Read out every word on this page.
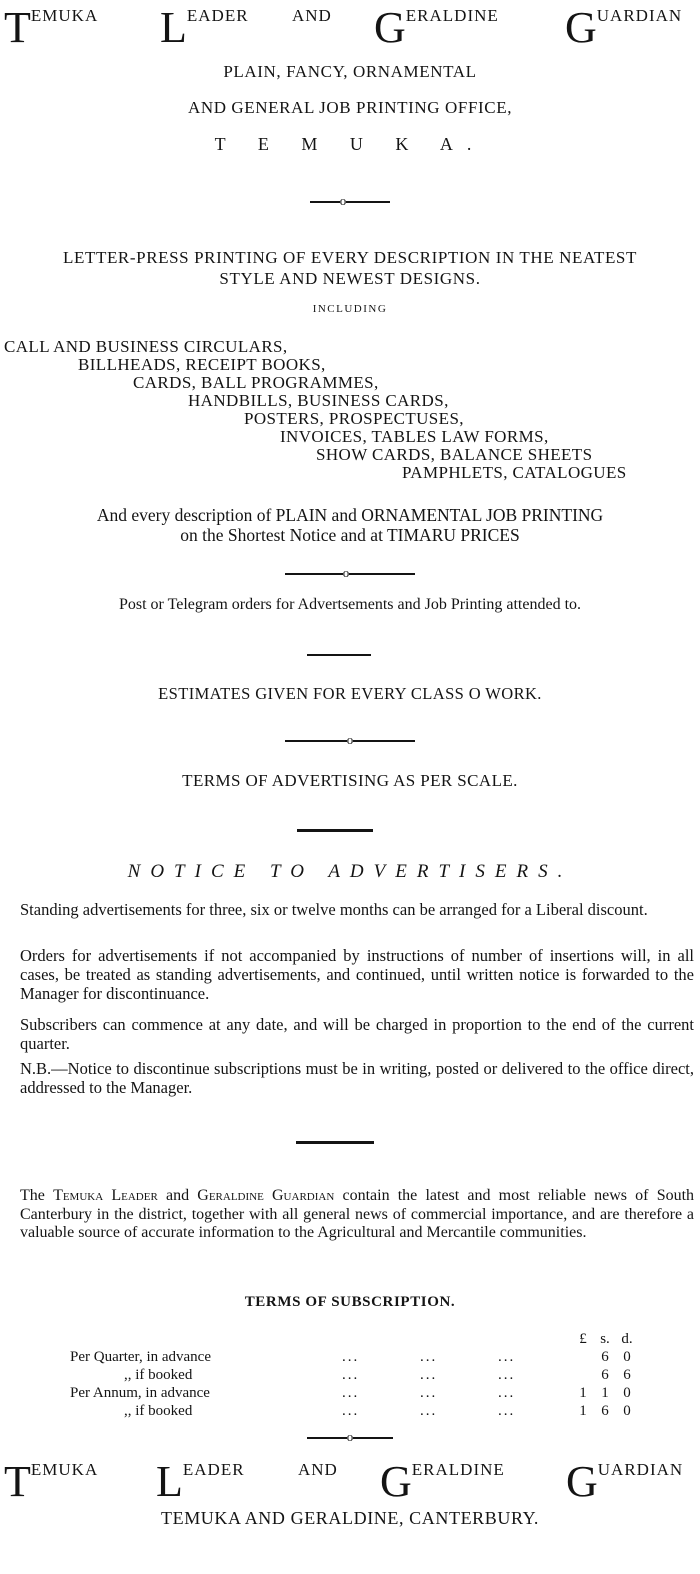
TEMUKA LEADER	AND GERALDINE GUARDIAN

PLAIN, FANCY, ORNAMENTAL

AND GENERAL JOB PRINTING OFFICE,

T E M U K A.

o

LETTER-PRESS PRINTING OF EVERY DESCRIPTION IN THE NEATEST

STYLE AND NEWEST DESIGNS.

INCLUDING

CALL AND BUSINESS CIRCULARS,
BILLHEADS, RECEIPT BOOKS,
CARDS, BALL PROGRAMMES,
HANDBILLS, BUSINESS CARDS,
POSTERS, PROSPECTUSES,
INVOICES, TABLES LAW FORMS,
SHOW CARDS, BALANCE SHEETS
PAMPHLETS, CATALOGUES

And every description of PLAIN and ORNAMENTAL JOB PRINTING

on the Shortest Notice and at TIMARU PRICES

o

Post or Telegram orders for Advertsements and Job Printing attended to.

ESTIMATES GIVEN FOR EVERY CLASS O WORK.

o

TERMS OF ADVERTISING AS PER SCALE.

NOTICE TO ADVERTISERS.

Standing advertisements for three, six or twelve months can be arranged for a Liberal discount.
Orders for advertisements if not accompanied by instructions of number of insertions will, in all cases, be treated as standing advertisements, and continued, until written notice is forwarded to the Manager for discontinuance.
Subscribers can commence at any date, and will be charged in proportion to the end of the current quarter.
N.B.—Notice to discontinue subscriptions must be in writing, posted or delivered to the office direct, addressed to the Manager.
The Temuka Leader and Geraldine Guardian contain the latest and most reliable news of South Canterbury in the district, together with all general news of commercial importance, and are therefore a valuable source of accurate information to the Agricultural and Mercantile communities.

TERMS OF SUBSCRIPTION.

				£	s.	d.
Per Quarter, in advance	...	...	...		6	0
,, if booked	...	...	...		6	6
Per Annum, in advance	...	...	...	1	1	0
,, if booked	...	...	...	1	6	0
o
TEMUKA LEADER	AND GERALDINE GUARDIAN

TEMUKA AND GERALDINE, CANTERBURY.
